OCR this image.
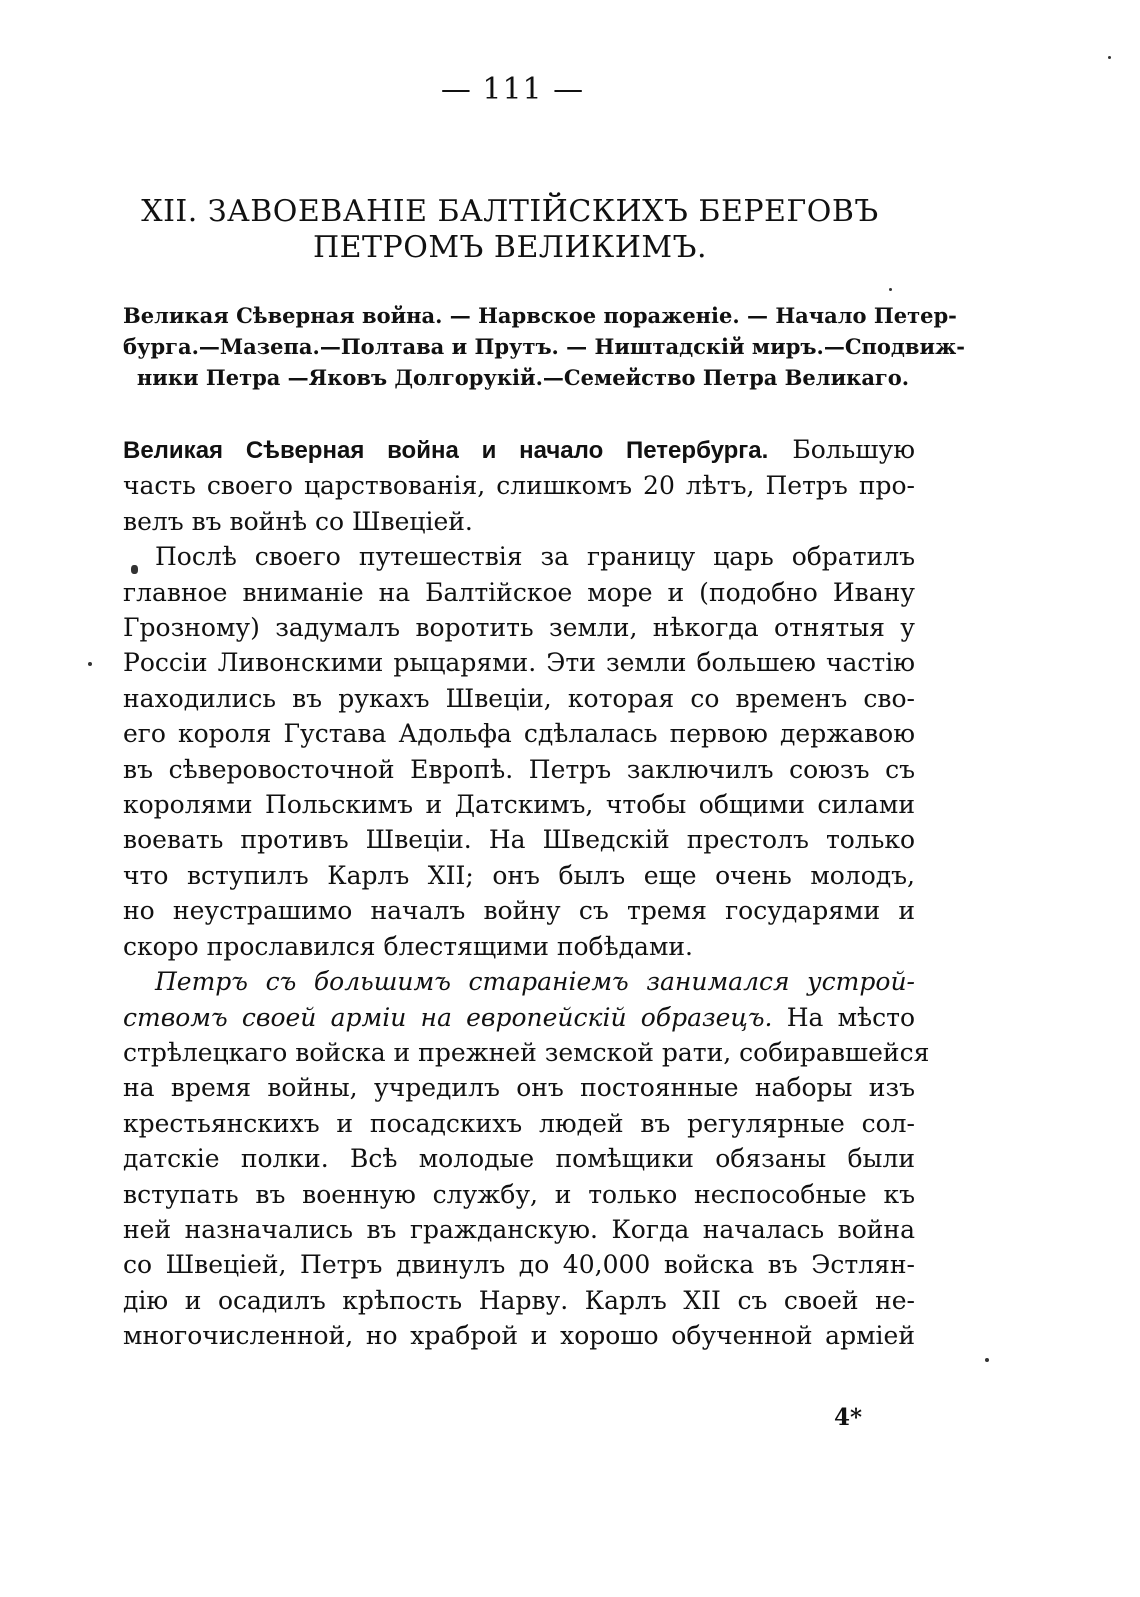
— 111 —
XII. ЗАВОЕВАНІЕ БАЛТІЙСКИХЪ БЕРЕГОВЪ
ПЕТРОМЪ ВЕЛИКИМЪ.
Великая Сѣверная война. — Нарвское пораженіе. — Начало Петер-
бурга.—Мазепа.—Полтава и Прутъ. — Ништадскій миръ.—Сподвиж-
ники Петра —Яковъ Долгорукій.—Семейство Петра Великаго.
Великая Сѣверная война и начало Петербурга. Большую
часть своего царствованія, слишкомъ 20 лѣтъ, Петръ про-
велъ въ войнѣ со Швеціей.
Послѣ своего путешествія за границу царь обратилъ
главное вниманіе на Балтійское море и (подобно Ивану
Грозному) задумалъ воротить земли, нѣкогда отнятыя у
Россіи Ливонскими рыцарями. Эти земли большею частію
находились въ рукахъ Швеціи, которая со временъ сво-
его короля Густава Адольфа сдѣлалась первою державою
въ сѣверовосточной Европѣ. Петръ заключилъ союзъ съ
королями Польскимъ и Датскимъ, чтобы общими силами
воевать противъ Швеціи. На Шведскій престолъ только
что вступилъ Карлъ XII; онъ былъ еще очень молодъ,
но неустрашимо началъ войну съ тремя государями и
скоро прославился блестящими побѣдами.
Петръ съ большимъ стараніемъ занимался устрой-
ствомъ своей арміи на европейскій образецъ. На мѣсто
стрѣлецкаго войска и прежней земской рати, собиравшейся
на время войны, учредилъ онъ постоянные наборы изъ
крестьянскихъ и посадскихъ людей въ регулярные сол-
датскіе полки. Всѣ молодые помѣщики обязаны были
вступать въ военную службу, и только неспособные къ
ней назначались въ гражданскую. Когда началась война
со Швеціей, Петръ двинулъ до 40,000 войска въ Эстлян-
дію и осадилъ крѣпость Нарву. Карлъ XII съ своей не-
многочисленной, но храброй и хорошо обученной арміей
4*
